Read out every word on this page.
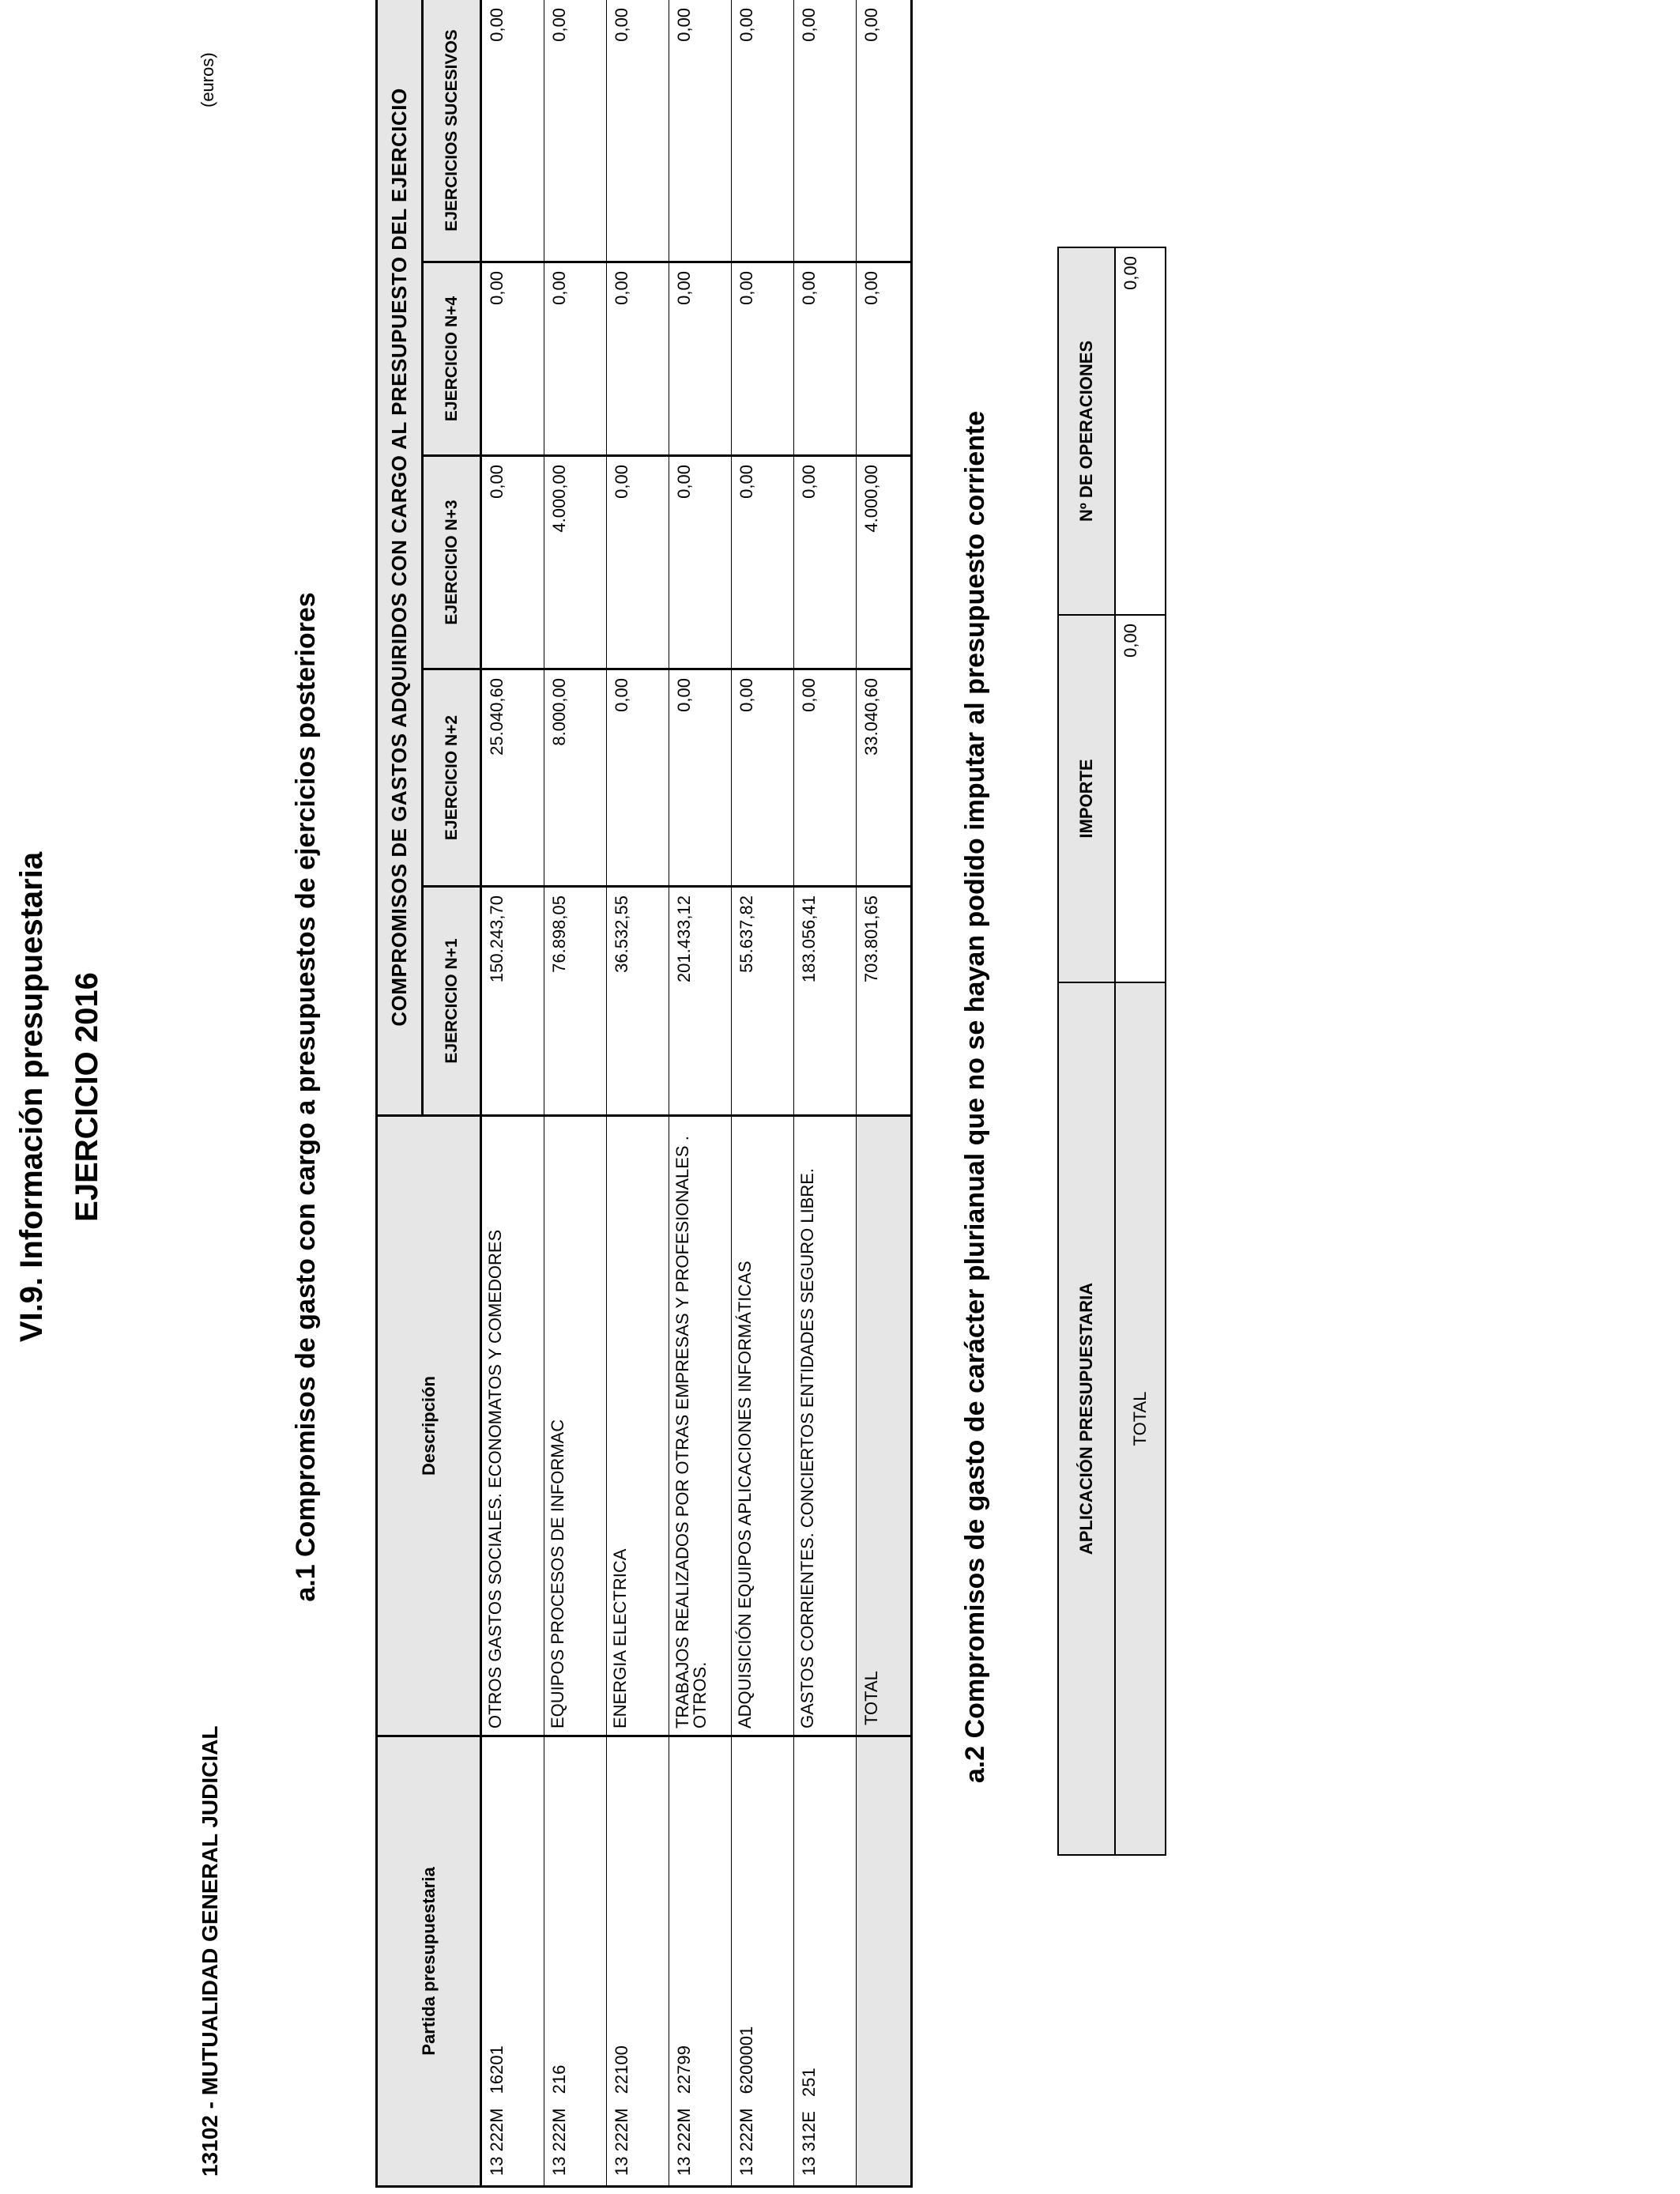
VI.9. Información presupuestaria EJERCICIO 2016
13102 - MUTUALIDAD GENERAL JUDICIAL
(euros)
a.1 Compromisos de gasto con cargo a presupuestos de ejercicios posteriores
Partida presupuestaria	Descripción	COMPROMISOS DE GASTOS ADQUIRIDOS CON CARGO AL PRESUPUESTO DEL EJERCICIO				
		EJERCICIO N+1	EJERCICIO N+2	EJERCICIO N+3	EJERCICIO N+4	EJERCICIOS SUCESIVOS
13 222M16201	OTROS GASTOS SOCIALES. ECONOMATOS Y COMEDORES	150.243,70	25.040,60	0,00	0,00	0,00
13 222M216	EQUIPOS PROCESOS DE INFORMAC	76.898,05	8.000,00	4.000,00	0,00	0,00
13 222M22100	ENERGIA ELECTRICA	36.532,55	0,00	0,00	0,00	0,00
13 222M22799	TRABAJOS REALIZADOS POR OTRAS EMPRESAS Y PROFESIONALES . OTROS.	201.433,12	0,00	0,00	0,00	0,00
13 222M6200001	ADQUISICIÓN EQUIPOS APLICACIONES INFORMÁTICAS	55.637,82	0,00	0,00	0,00	0,00
13 312E251	GASTOS CORRIENTES. CONCIERTOS ENTIDADES SEGURO LIBRE.	183.056,41	0,00	0,00	0,00	0,00
	TOTAL	703.801,65	33.040,60	4.000,00	0,00	0,00
a.2 Compromisos de gasto de carácter plurianual que no se hayan podido imputar al presupuesto corriente	APLICACIÓN PRESUPUESTARIA	IMPORTE	Nº DE OPERACIONES
TOTAL	0,00	0,00
